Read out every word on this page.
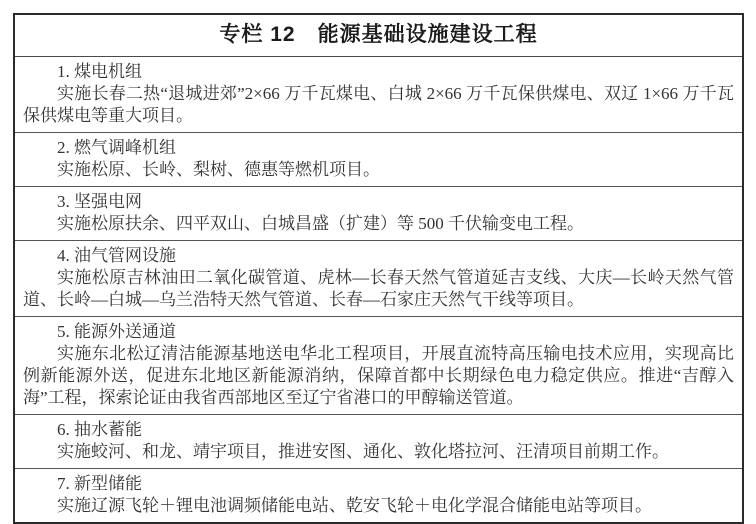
专栏 12　能源基础设施建设工程

1. 煤电机组

实施长春二热“退城进郊”2×66 万千瓦煤电、白城 2×66 万千瓦保供煤电、双辽 1×66 万千瓦保供煤电等重大项目。

2. 燃气调峰机组

实施松原、长岭、梨树、德惠等燃机项目。

3. 坚强电网

实施松原扶余、四平双山、白城昌盛（扩建）等 500 千伏输变电工程。

4. 油气管网设施

实施松原吉林油田二氧化碳管道、虎林—长春天然气管道延吉支线、大庆—长岭天然气管道、长岭—白城—乌兰浩特天然气管道、长春—石家庄天然气干线等项目。

5. 能源外送通道

实施东北松辽清洁能源基地送电华北工程项目，开展直流特高压输电技术应用，实现高比例新能源外送，促进东北地区新能源消纳，保障首都中长期绿色电力稳定供应。推进“吉醇入海”工程，探索论证由我省西部地区至辽宁省港口的甲醇输送管道。

6. 抽水蓄能

实施蛟河、和龙、靖宇项目，推进安图、通化、敦化塔拉河、汪清项目前期工作。

7. 新型储能

实施辽源飞轮＋锂电池调频储能电站、乾安飞轮＋电化学混合储能电站等项目。
